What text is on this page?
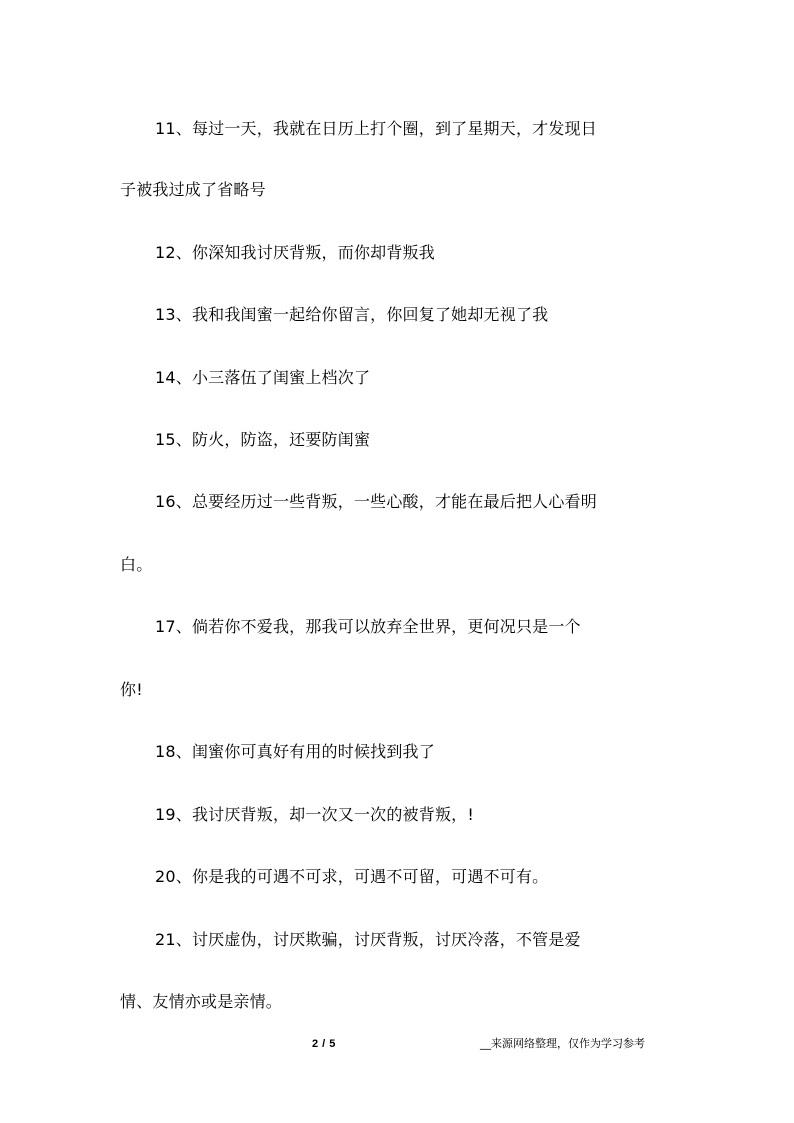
11、每过一天，我就在日历上打个圈，到了星期天，才发现日
子被我过成了省略号
12、你深知我讨厌背叛，而你却背叛我
13、我和我闺蜜一起给你留言，你回复了她却无视了我
14、小三落伍了闺蜜上档次了
15、防火，防盗，还要防闺蜜
16、总要经历过一些背叛，一些心酸，才能在最后把人心看明
白。
17、倘若你不爱我，那我可以放弃全世界，更何况只是一个
你!
18、闺蜜你可真好有用的时候找到我了
19、我讨厌背叛，却一次又一次的被背叛，!
20、你是我的可遇不可求，可遇不可留，可遇不可有。
21、讨厌虚伪，讨厌欺骗，讨厌背叛，讨厌冷落，不管是爱
情、友情亦或是亲情。
2 / 5	__来源网络整理，仅作为学习参考
